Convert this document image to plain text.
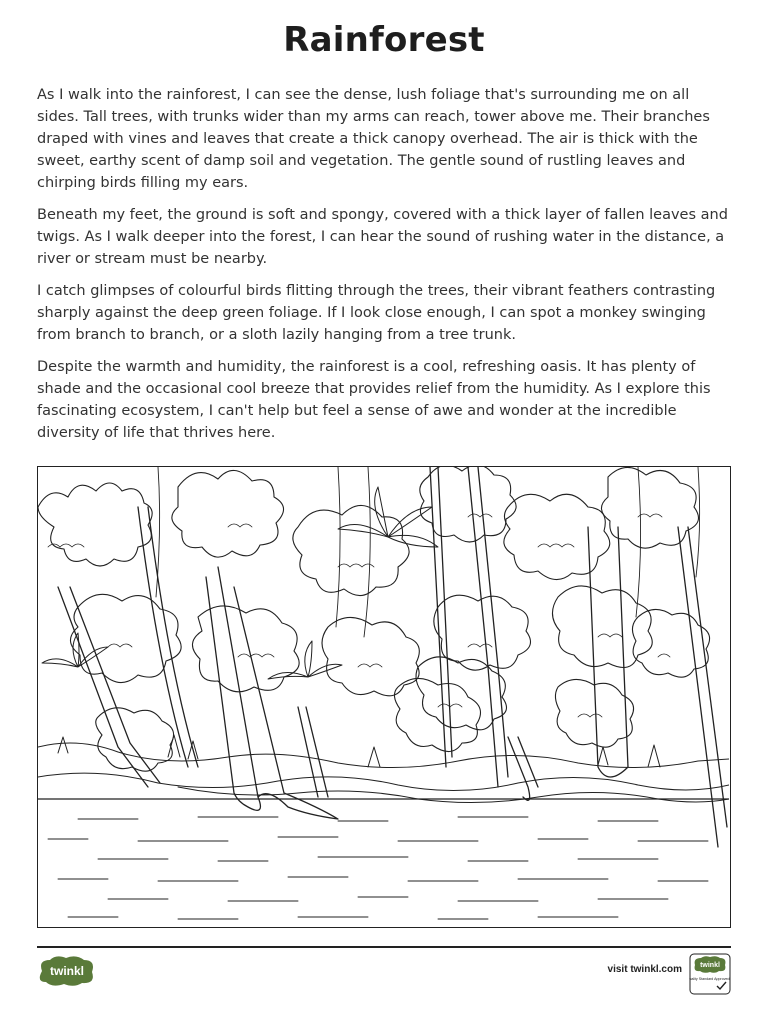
Rainforest

As I walk into the rainforest, I can see the dense, lush foliage that's surrounding me on all sides. Tall trees, with trunks wider than my arms can reach, tower above me. Their branches draped with vines and leaves that create a thick canopy overhead. The air is thick with the sweet, earthy scent of damp soil and vegetation. The gentle sound of rustling leaves and chirping birds filling my ears.

Beneath my feet, the ground is soft and spongy, covered with a thick layer of fallen leaves and twigs. As I walk deeper into the forest, I can hear the sound of rushing water in the distance, a river or stream must be nearby.

I catch glimpses of colourful birds flitting through the trees, their vibrant feathers contrasting sharply against the deep green foliage. If I look close enough, I can spot a monkey swinging from branch to branch, or a sloth lazily hanging from a tree trunk.

Despite the warmth and humidity, the rainforest is a cool, refreshing oasis. It has plenty of shade and the occasional cool breeze that provides relief from the humidity. As I explore this fascinating ecosystem, I can't help but feel a sense of awe and wonder at the incredible diversity of life that thrives here.

twinkl	visit twinkl.com	twinkl
Quality Standard Approved
